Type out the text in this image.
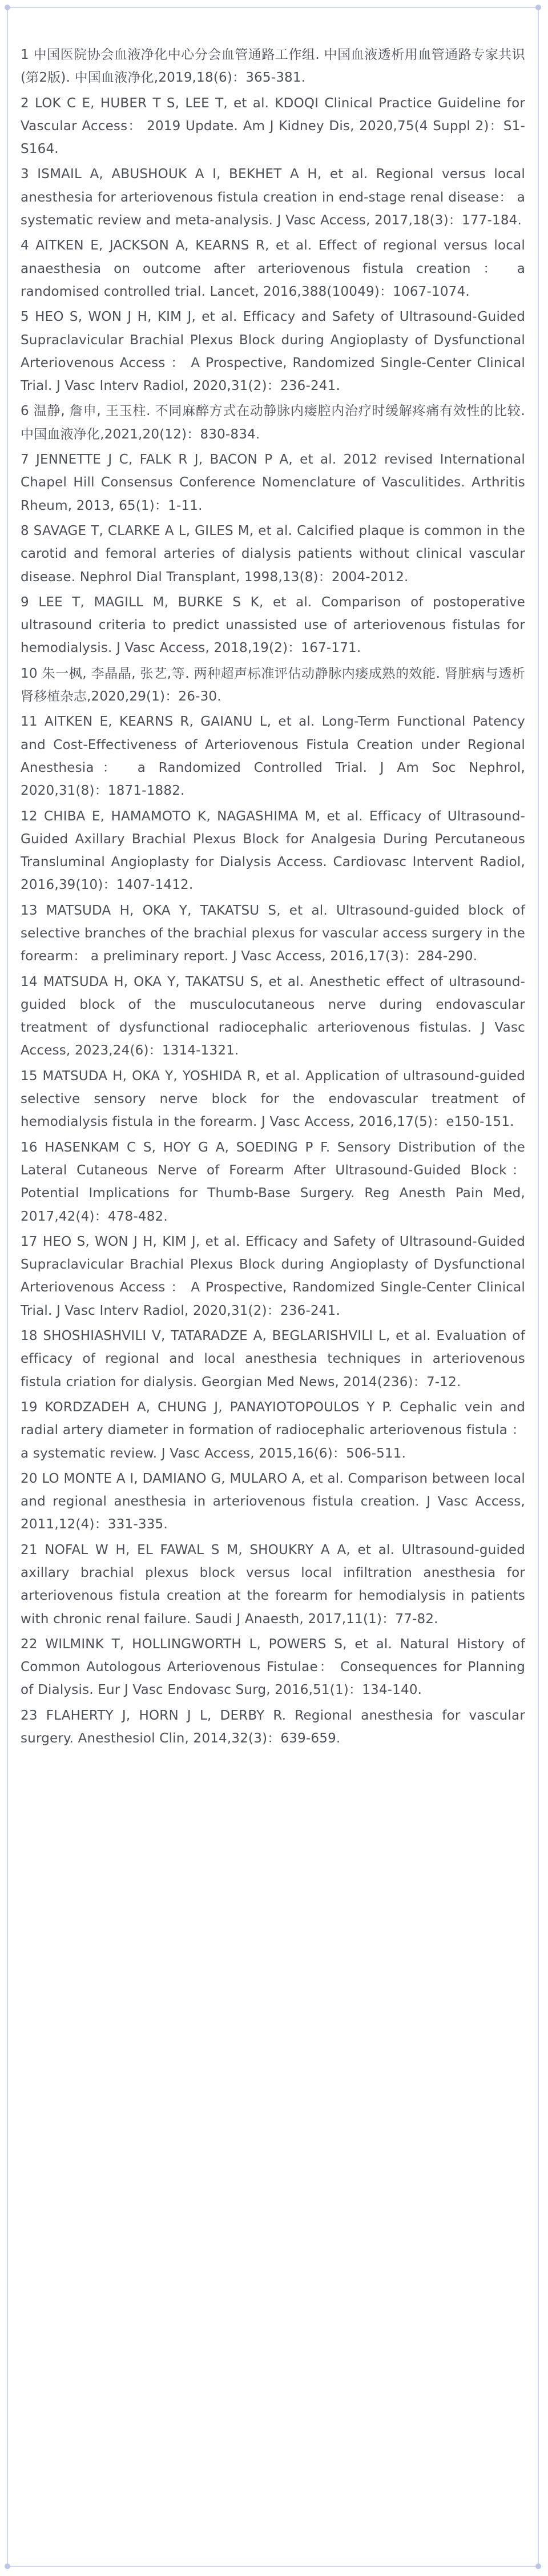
1 中国医院协会血液净化中心分会血管通路工作组. 中国血液透析用血管通路专家共识(第2版). 中国血液净化,2019,18(6)：365-381.

2 LOK C E, HUBER T S, LEE T, et al. KDOQI Clinical Practice Guideline for Vascular Access： 2019 Update. Am J Kidney Dis, 2020,75(4 Suppl 2)：S1-S164.

3 ISMAIL A, ABUSHOUK A I, BEKHET A H, et al. Regional versus local anesthesia for arteriovenous fistula creation in end-stage renal disease： a systematic review and meta-analysis. J Vasc Access, 2017,18(3)：177-184.

4 AITKEN E, JACKSON A, KEARNS R, et al. Effect of regional versus local anaesthesia on outcome after arteriovenous fistula creation ： a randomised controlled trial. Lancet, 2016,388(10049)：1067-1074.

5 HEO S, WON J H, KIM J, et al. Efficacy and Safety of Ultrasound-Guided Supraclavicular Brachial Plexus Block during Angioplasty of Dysfunctional Arteriovenous Access ： A Prospective, Randomized Single-Center Clinical Trial. J Vasc Interv Radiol, 2020,31(2)：236-241.

6 温静, 詹申, 王玉柱. 不同麻醉方式在动静脉内瘘腔内治疗时缓解疼痛有效性的比较. 中国血液净化,2021,20(12)：830-834.

7 JENNETTE J C, FALK R J, BACON P A, et al. 2012 revised International Chapel Hill Consensus Conference Nomenclature of Vasculitides. Arthritis Rheum, 2013, 65(1)：1-11.

8 SAVAGE T, CLARKE A L, GILES M, et al. Calcified plaque is common in the carotid and femoral arteries of dialysis patients without clinical vascular disease. Nephrol Dial Transplant, 1998,13(8)：2004-2012.

9 LEE T, MAGILL M, BURKE S K, et al. Comparison of postoperative ultrasound criteria to predict unassisted use of arteriovenous fistulas for hemodialysis. J Vasc Access, 2018,19(2)：167-171.

10 朱一枫, 李晶晶, 张艺,等. 两种超声标准评估动静脉内瘘成熟的效能. 肾脏病与透析肾移植杂志,2020,29(1)：26-30.

11 AITKEN E, KEARNS R, GAIANU L, et al. Long-Term Functional Patency and Cost-Effectiveness of Arteriovenous Fistula Creation under Regional Anesthesia： a Randomized Controlled Trial. J Am Soc Nephrol, 2020,31(8)：1871-1882.

12 CHIBA E, HAMAMOTO K, NAGASHIMA M, et al. Efficacy of Ultrasound-Guided Axillary Brachial Plexus Block for Analgesia During Percutaneous Transluminal Angioplasty for Dialysis Access. Cardiovasc Intervent Radiol, 2016,39(10)：1407-1412.

13 MATSUDA H, OKA Y, TAKATSU S, et al. Ultrasound-guided block of selective branches of the brachial plexus for vascular access surgery in the forearm： a preliminary report. J Vasc Access, 2016,17(3)：284-290.

14 MATSUDA H, OKA Y, TAKATSU S, et al. Anesthetic effect of ultrasound-guided block of the musculocutaneous nerve during endovascular treatment of dysfunctional radiocephalic arteriovenous fistulas. J Vasc Access, 2023,24(6)：1314-1321.

15 MATSUDA H, OKA Y, YOSHIDA R, et al. Application of ultrasound-guided selective sensory nerve block for the endovascular treatment of hemodialysis fistula in the forearm. J Vasc Access, 2016,17(5)：e150-151.

16 HASENKAM C S, HOY G A, SOEDING P F. Sensory Distribution of the Lateral Cutaneous Nerve of Forearm After Ultrasound-Guided Block： Potential Implications for Thumb-Base Surgery. Reg Anesth Pain Med, 2017,42(4)：478-482.

17 HEO S, WON J H, KIM J, et al. Efficacy and Safety of Ultrasound-Guided Supraclavicular Brachial Plexus Block during Angioplasty of Dysfunctional Arteriovenous Access ： A Prospective, Randomized Single-Center Clinical Trial. J Vasc Interv Radiol, 2020,31(2)：236-241.

18 SHOSHIASHVILI V, TATARADZE A, BEGLARISHVILI L, et al. Evaluation of efficacy of regional and local anesthesia techniques in arteriovenous fistula criation for dialysis. Georgian Med News, 2014(236)：7-12.

19 KORDZADEH A, CHUNG J, PANAYIOTOPOULOS Y P. Cephalic vein and radial artery diameter in formation of radiocephalic arteriovenous fistula ： a systematic review. J Vasc Access, 2015,16(6)：506-511.

20 LO MONTE A I, DAMIANO G, MULARO A, et al. Comparison between local and regional anesthesia in arteriovenous fistula creation. J Vasc Access, 2011,12(4)：331-335.

21 NOFAL W H, EL FAWAL S M, SHOUKRY A A, et al. Ultrasound-guided axillary brachial plexus block versus local infiltration anesthesia for arteriovenous fistula creation at the forearm for hemodialysis in patients with chronic renal failure. Saudi J Anaesth, 2017,11(1)：77-82.

22 WILMINK T, HOLLINGWORTH L, POWERS S, et al. Natural History of Common Autologous Arteriovenous Fistulae： Consequences for Planning of Dialysis. Eur J Vasc Endovasc Surg, 2016,51(1)：134-140.

23 FLAHERTY J, HORN J L, DERBY R. Regional anesthesia for vascular surgery. Anesthesiol Clin, 2014,32(3)：639-659.
